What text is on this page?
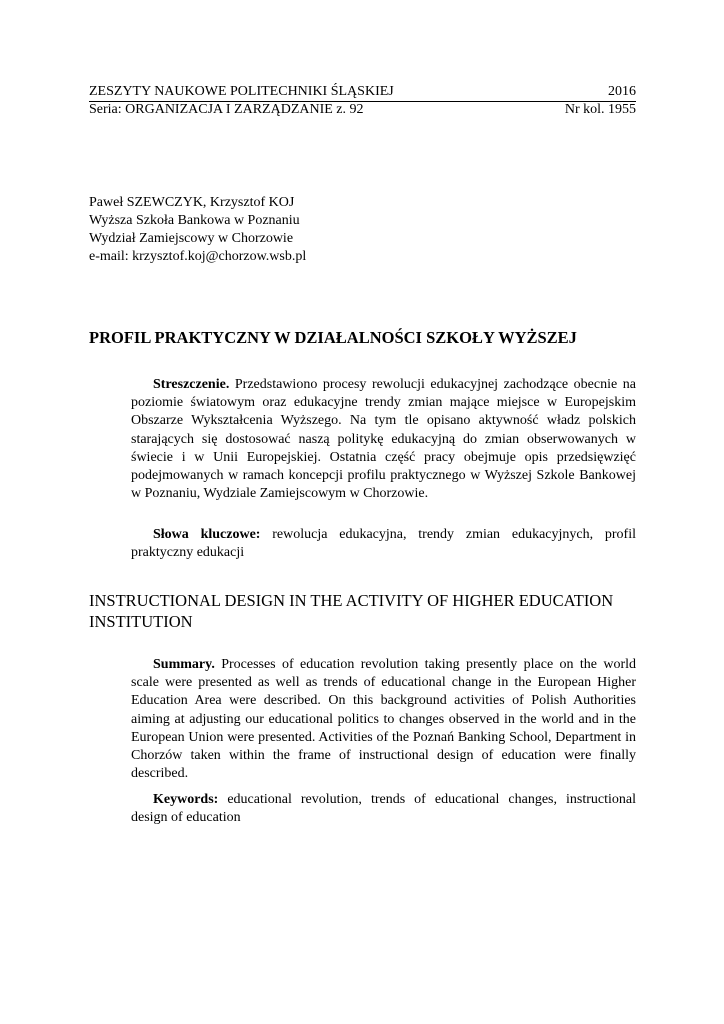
ZESZYTY NAUKOWE POLITECHNIKI ŚLĄSKIEJ	2016
Seria: ORGANIZACJA I ZARZĄDZANIE z. 92	Nr kol. 1955
Paweł SZEWCZYK, Krzysztof KOJ
Wyższa Szkoła Bankowa w Poznaniu
Wydział Zamiejscowy w Chorzowie
e-mail: krzysztof.koj@chorzow.wsb.pl
PROFIL PRAKTYCZNY W DZIAŁALNOŚCI SZKOŁY WYŻSZEJ

Streszczenie. Przedstawiono procesy rewolucji edukacyjnej zachodzące obecnie na poziomie światowym oraz edukacyjne trendy zmian mające miejsce w Europejskim Obszarze Wykształcenia Wyższego. Na tym tle opisano aktywność władz polskich starających się dostosować naszą politykę edukacyjną do zmian obserwowanych w świecie i w Unii Europejskiej. Ostatnia część pracy obejmuje opis przedsięwzięć podejmowanych w ramach koncepcji profilu praktycznego w Wyższej Szkole Bankowej w Poznaniu, Wydziale Zamiejscowym w Chorzowie.

Słowa kluczowe: rewolucja edukacyjna, trendy zmian edukacyjnych, profil praktyczny edukacji

INSTRUCTIONAL DESIGN IN THE ACTIVITY OF HIGHER EDUCATION INSTITUTION

Summary. Processes of education revolution taking presently place on the world scale were presented as well as trends of educational change in the European Higher Education Area were described. On this background activities of Polish Authorities aiming at adjusting our educational politics to changes observed in the world and in the European Union were presented. Activities of the Poznań Banking School, Department in Chorzów taken within the frame of instructional design of education were finally described.

Keywords: educational revolution, trends of educational changes, instructional design of education
